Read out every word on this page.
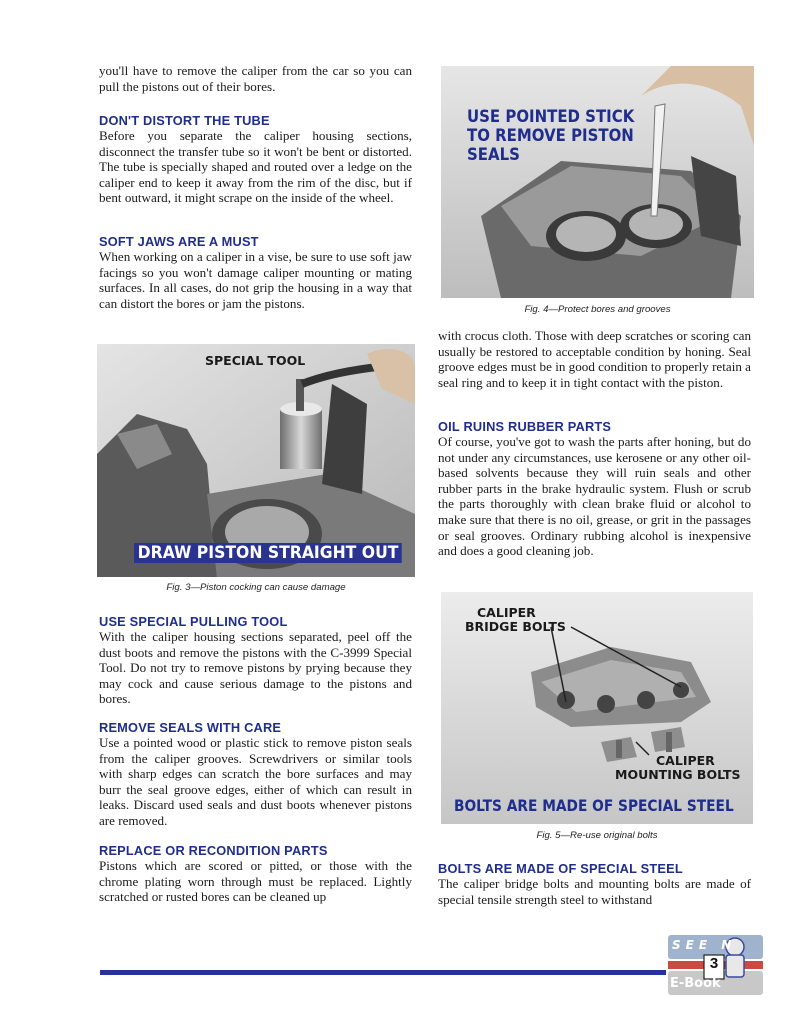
you'll have to remove the caliper from the car so you can pull the pistons out of their bores.

DON'T DISTORT THE TUBE

Before you separate the caliper housing sections, disconnect the transfer tube so it won't be bent or distorted. The tube is specially shaped and routed over a ledge on the caliper end to keep it away from the rim of the disc, but if bent outward, it might scrape on the inside of the wheel.

SOFT JAWS ARE A MUST

When working on a caliper in a vise, be sure to use soft jaw facings so you won't damage caliper mounting or mating surfaces. In all cases, do not grip the housing in a way that can distort the bores or jam the pistons.

SPECIAL TOOL
DRAW PISTON STRAIGHT OUT
Fig. 3—Piston cocking can cause damage
USE SPECIAL PULLING TOOL

With the caliper housing sections separated, peel off the dust boots and remove the pistons with the C-3999 Special Tool. Do not try to remove pistons by prying because they may cock and cause serious damage to the pistons and bores.

REMOVE SEALS WITH CARE

Use a pointed wood or plastic stick to remove piston seals from the caliper grooves. Screwdrivers or similar tools with sharp edges can scratch the bore surfaces and may burr the seal groove edges, either of which can result in leaks. Discard used seals and dust boots whenever pistons are removed.

REPLACE OR RECONDITION PARTS

Pistons which are scored or pitted, or those with the chrome plating worn through must be replaced. Lightly scratched or rusted bores can be cleaned up

USE POINTED STICK
TO REMOVE PISTON
SEALS
Fig. 4—Protect bores and grooves

with crocus cloth. Those with deep scratches or scoring can usually be restored to acceptable condition by honing. Seal groove edges must be in good condition to properly retain a seal ring and to keep it in tight contact with the piston.

OIL RUINS RUBBER PARTS

Of course, you've got to wash the parts after honing, but do not under any circumstances, use kerosene or any other oil-based solvents because they will ruin seals and other rubber parts in the brake hydraulic system. Flush or scrub the parts thoroughly with clean brake fluid or alcohol to make sure that there is no oil, grease, or grit in the passages or seal grooves. Ordinary rubbing alcohol is inexpensive and does a good cleaning job.

CALIPER
BRIDGE BOLTS
CALIPER
MOUNTING BOLTS
BOLTS ARE MADE OF SPECIAL STEEL
Fig. 5—Re-use original bolts
BOLTS ARE MADE OF SPECIAL STEEL

The caliper bridge bolts and mounting bolts are made of special tensile strength steel to withstand

SEE N
3
E-Book
